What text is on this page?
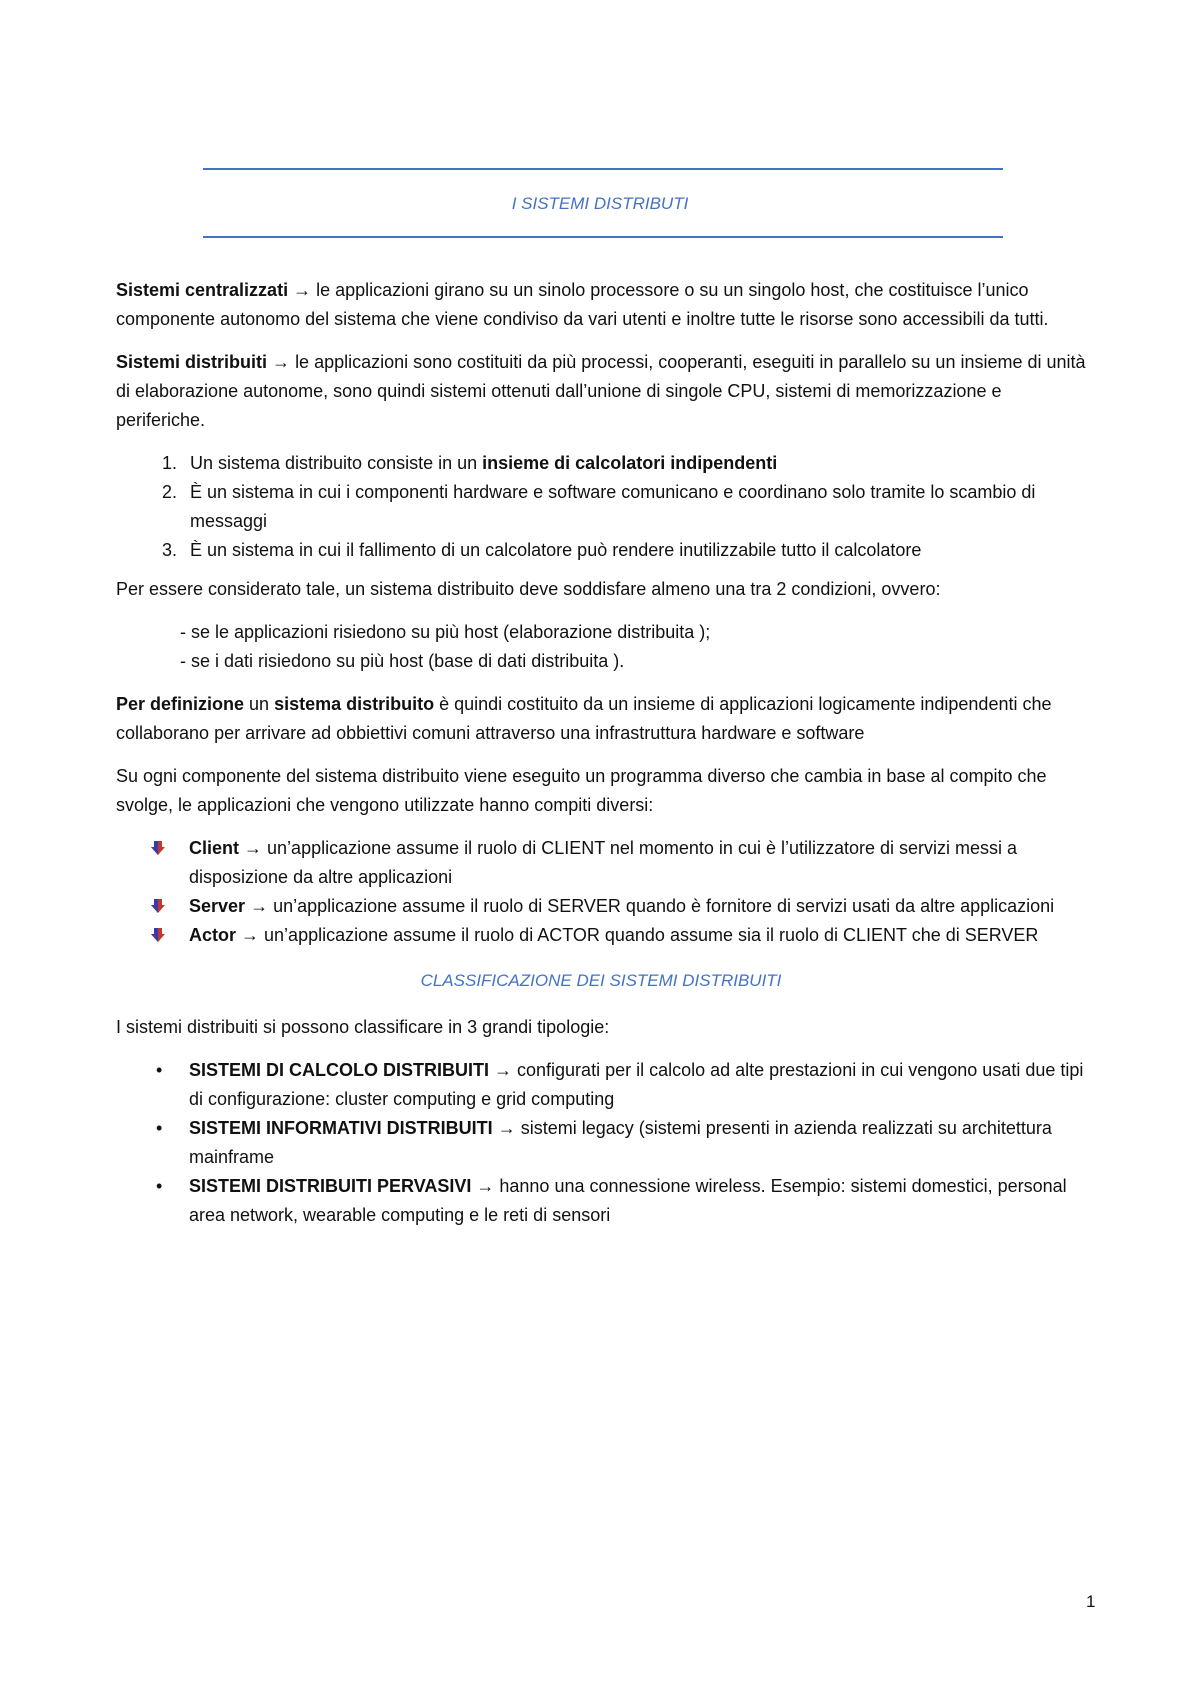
I SISTEMI DISTRIBUTI

Sistemi centralizzati → le applicazioni girano su un sinolo processore o su un singolo host, che costituisce l’unico componente autonomo del sistema che viene condiviso da vari utenti e inoltre tutte le risorse sono accessibili da tutti.

Sistemi distribuiti → le applicazioni sono costituiti da più processi, cooperanti, eseguiti in parallelo su un insieme di unità di elaborazione autonome, sono quindi sistemi ottenuti dall’unione di singole CPU, sistemi di memorizzazione e periferiche.

1. Un sistema distribuito consiste in un insieme di calcolatori indipendenti
2. È un sistema in cui i componenti hardware e software comunicano e coordinano solo tramite lo scambio di messaggi
3. È un sistema in cui il fallimento di un calcolatore può rendere inutilizzabile tutto il calcolatore

Per essere considerato tale, un sistema distribuito deve soddisfare almeno una tra 2 condizioni, ovvero:

- se le applicazioni risiedono su più host (elaborazione distribuita );
- se i dati risiedono su più host (base di dati distribuita ).

Per definizione un sistema distribuito è quindi costituito da un insieme di applicazioni logicamente indipendenti che collaborano per arrivare ad obbiettivi comuni attraverso una infrastruttura hardware e software

Su ogni componente del sistema distribuito viene eseguito un programma diverso che cambia in base al compito che svolge, le applicazioni che vengono utilizzate hanno compiti diversi:

Client → un’applicazione assume il ruolo di CLIENT nel momento in cui è l’utilizzatore di servizi messi a disposizione da altre applicazioni
Server → un’applicazione assume il ruolo di SERVER quando è fornitore di servizi usati da altre applicazioni
Actor → un’applicazione assume il ruolo di ACTOR quando assume sia il ruolo di CLIENT che di SERVER
CLASSIFICAZIONE DEI SISTEMI DISTRIBUITI

I sistemi distribuiti si possono classificare in 3 grandi tipologie:

• SISTEMI DI CALCOLO DISTRIBUITI → configurati per il calcolo ad alte prestazioni in cui vengono usati due tipi di configurazione: cluster computing e grid computing
• SISTEMI INFORMATIVI DISTRIBUITI → sistemi legacy (sistemi presenti in azienda realizzati su architettura mainframe
• SISTEMI DISTRIBUITI PERVASIVI → hanno una connessione wireless. Esempio: sistemi domestici, personal area network, wearable computing e le reti di sensori
1
